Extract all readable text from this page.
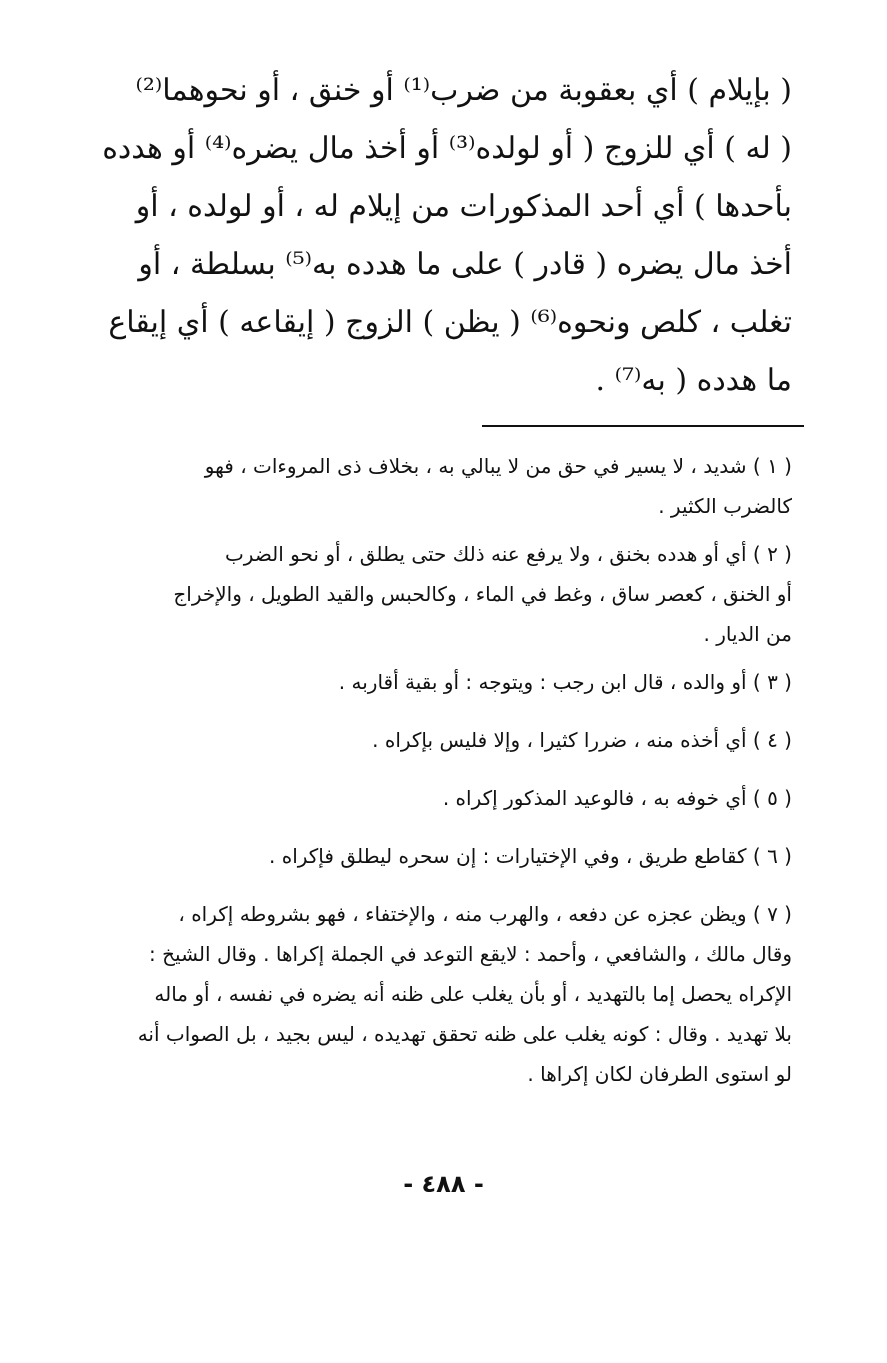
( بإيلام ) أي بعقوبة من ضرب⁽¹⁾ أو خنق ، أو نحوهما⁽²⁾
( له ) أي للزوج ( أو لولده⁽³⁾ أو أخذ مال يضره⁽⁴⁾ أو هدده
بأحدها ) أي أحد المذكورات من إيلام له ، أو لولده ، أو
أخذ مال يضره ( قادر ) على ما هدده به⁽⁵⁾ بسلطة ، أو
تغلب ، كلص ونحوه⁽⁶⁾ ( يظن ) الزوج ( إيقاعه ) أي إيقاع
ما هدده ( به⁽⁷⁾ .
( ١ ) شديد ، لا يسير في حق من لا يبالي به ، بخلاف ذى المروءات ، فهو
كالضرب الكثير .
( ٢ ) أي أو هدده بخنق ، ولا يرفع عنه ذلك حتى يطلق ، أو نحو الضرب
أو الخنق ، كعصر ساق ، وغط في الماء ، وكالحبس والقيد الطويل ، والإخراج
من الديار .
( ٣ ) أو والده ، قال ابن رجب : ويتوجه : أو بقية أقاربه .
( ٤ ) أي أخذه منه ، ضررا كثيرا ، وإلا فليس بإكراه .
( ٥ ) أي خوفه به ، فالوعيد المذكور إكراه .
( ٦ ) كقاطع طريق ، وفي الإختيارات : إن سحره ليطلق فإكراه .
( ٧ ) ويظن عجزه عن دفعه ، والهرب منه ، والإختفاء ، فهو بشروطه إكراه ،
وقال مالك ، والشافعي ، وأحمد : لايقع التوعد في الجملة إكراها . وقال الشيخ :
الإكراه يحصل إما بالتهديد ، أو بأن يغلب على ظنه أنه يضره في نفسه ، أو ماله
بلا تهديد . وقال : كونه يغلب على ظنه تحقق تهديده ، ليس بجيد ، بل الصواب أنه
لو استوى الطرفان لكان إكراها .
- ٤٨٨ -
